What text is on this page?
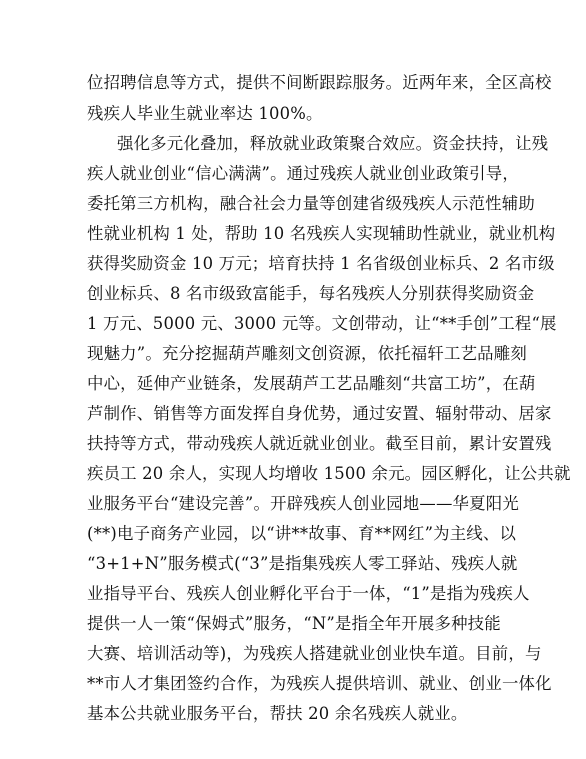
位招聘信息等方式，提供不间断跟踪服务。近两年来，全区高校
残疾人毕业生就业率达 100%。
强化多元化叠加，释放就业政策聚合效应。资金扶持，让残
疾人就业创业“信心满满”。通过残疾人就业创业政策引导，
委托第三方机构，融合社会力量等创建省级残疾人示范性辅助
性就业机构 1 处，帮助 10 名残疾人实现辅助性就业，就业机构
获得奖励资金 10 万元；培育扶持 1 名省级创业标兵、2 名市级
创业标兵、8 名市级致富能手，每名残疾人分别获得奖励资金
1 万元、5000 元、3000 元等。文创带动，让“**手创”工程“展
现魅力”。充分挖掘葫芦雕刻文创资源，依托福轩工艺品雕刻
中心，延伸产业链条，发展葫芦工艺品雕刻“共富工坊”，在葫
芦制作、销售等方面发挥自身优势，通过安置、辐射带动、居家
扶持等方式，带动残疾人就近就业创业。截至目前，累计安置残
疾员工 20 余人，实现人均增收 1500 余元。园区孵化，让公共就
业服务平台“建设完善”。开辟残疾人创业园地——华夏阳光
(**)电子商务产业园，以“讲**故事、育**网红”为主线、以
“3+1+N”服务模式(“3”是指集残疾人零工驿站、残疾人就
业指导平台、残疾人创业孵化平台于一体，“1”是指为残疾人
提供一人一策“保姆式”服务，“N”是指全年开展多种技能
大赛、培训活动等)，为残疾人搭建就业创业快车道。目前，与
**市人才集团签约合作，为残疾人提供培训、就业、创业一体化
基本公共就业服务平台，帮扶 20 余名残疾人就业。
